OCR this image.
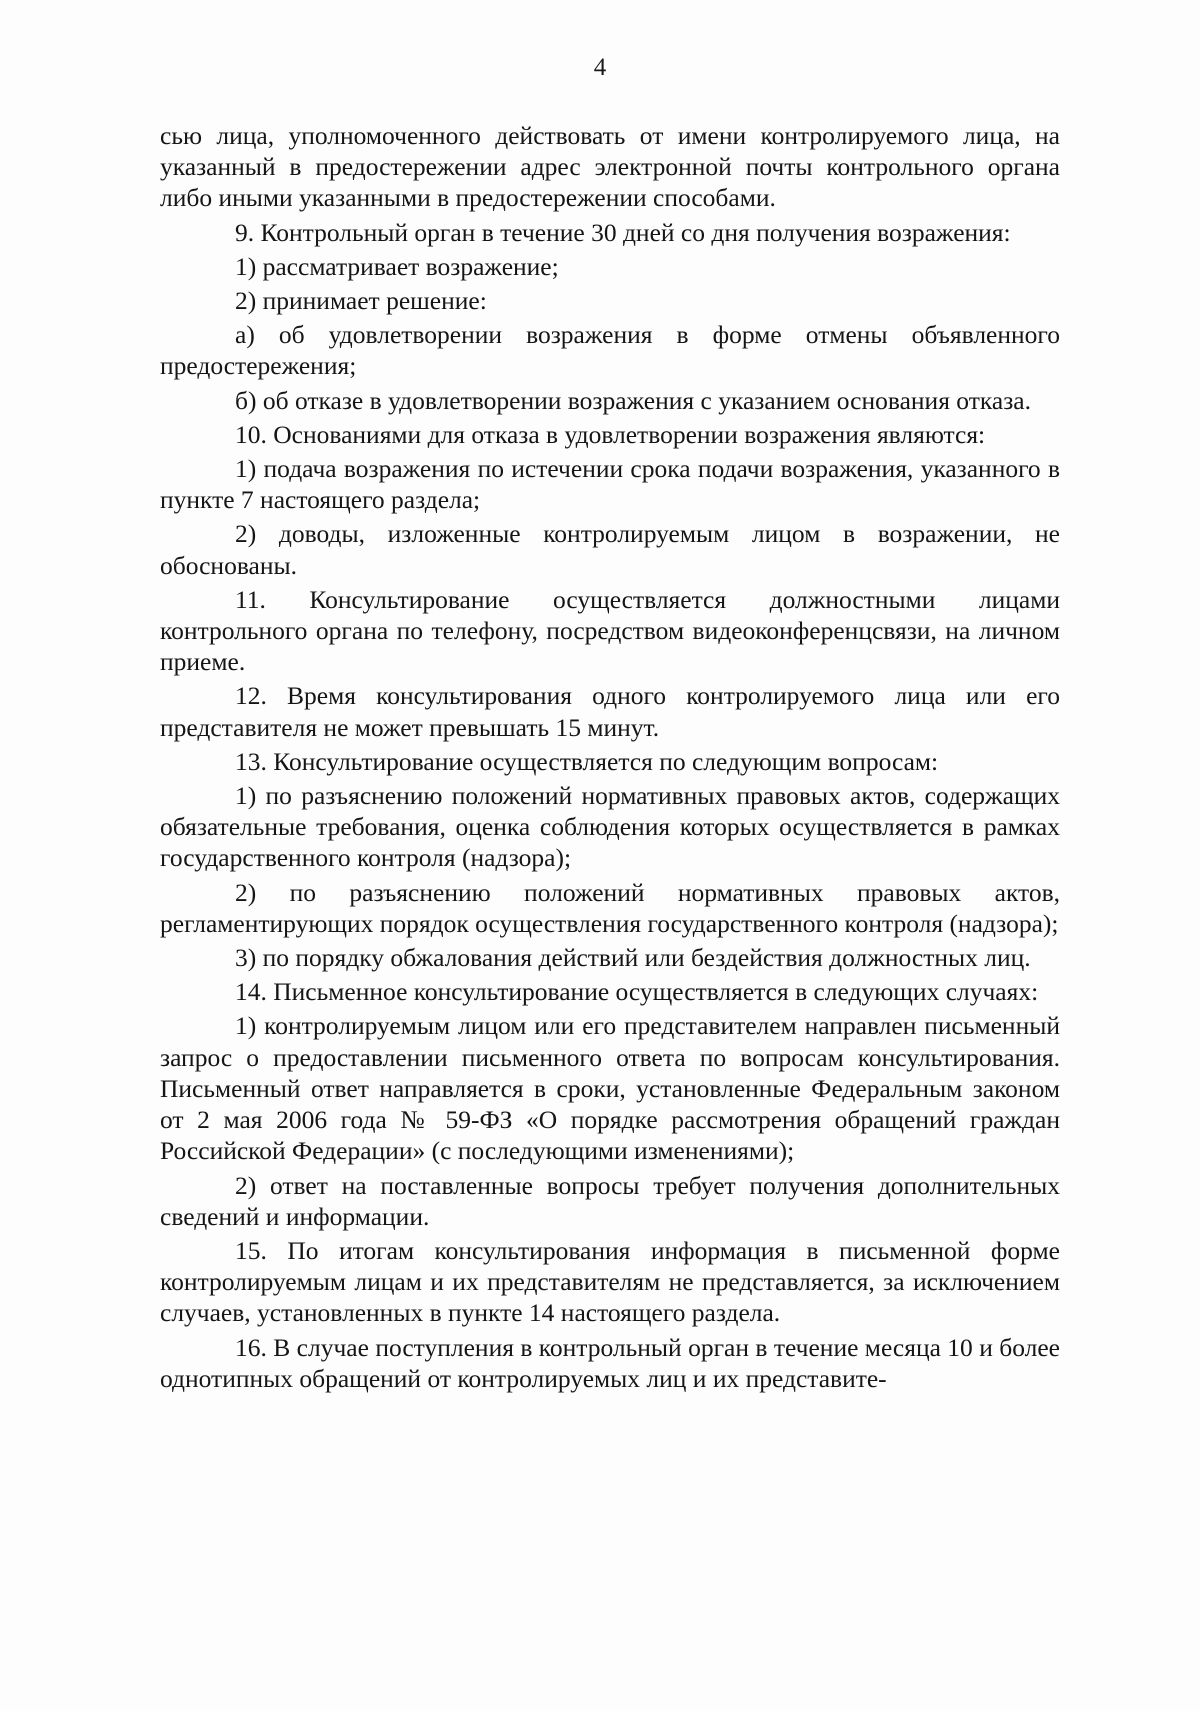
4

сью лица, уполномоченного действовать от имени контролируемого лица, на указанный в предостережении адрес электронной почты контрольного органа либо иными указанными в предостережении способами.

9. Контрольный орган в течение 30 дней со дня получения возражения:

1) рассматривает возражение;

2) принимает решение:

а) об удовлетворении возражения в форме отмены объявленного предостережения;

б) об отказе в удовлетворении возражения с указанием основания отказа.

10. Основаниями для отказа в удовлетворении возражения являются:

1) подача возражения по истечении срока подачи возражения, указанного в пункте 7 настоящего раздела;

2) доводы, изложенные контролируемым лицом в возражении, не обоснованы.

11. Консультирование осуществляется должностными лицами контрольного органа по телефону, посредством видеоконференцсвязи, на личном приеме.

12. Время консультирования одного контролируемого лица или его представителя не может превышать 15 минут.

13. Консультирование осуществляется по следующим вопросам:

1) по разъяснению положений нормативных правовых актов, содержащих обязательные требования, оценка соблюдения которых осуществляется в рамках государственного контроля (надзора);

2) по разъяснению положений нормативных правовых актов, регламентирующих порядок осуществления государственного контроля (надзора);

3) по порядку обжалования действий или бездействия должностных лиц.

14. Письменное консультирование осуществляется в следующих случаях:

1) контролируемым лицом или его представителем направлен письменный запрос о предоставлении письменного ответа по вопросам консультирования. Письменный ответ направляется в сроки, установленные Федеральным законом от 2 мая 2006 года № 59-ФЗ «О порядке рассмотрения обращений граждан Российской Федерации» (с последующими изменениями);

2) ответ на поставленные вопросы требует получения дополнительных сведений и информации.

15. По итогам консультирования информация в письменной форме контролируемым лицам и их представителям не представляется, за исключением случаев, установленных в пункте 14 настоящего раздела.

16. В случае поступления в контрольный орган в течение месяца 10 и более однотипных обращений от контролируемых лиц и их представите-
